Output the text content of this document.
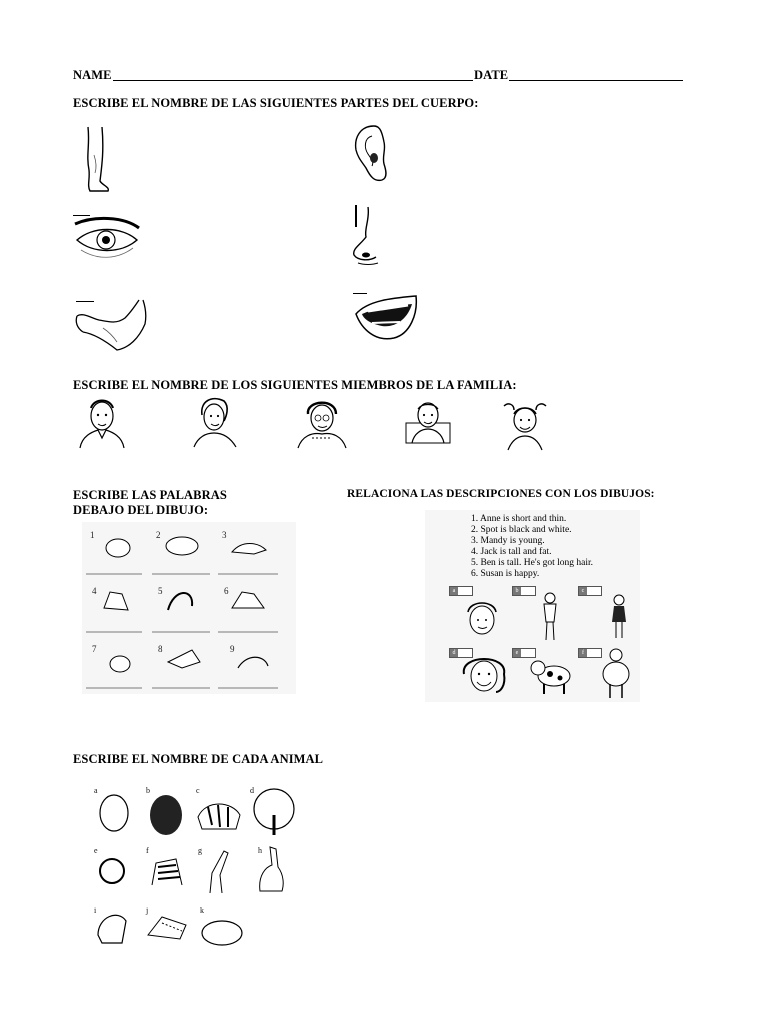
NAME	DATE
ESCRIBE EL NOMBRE DE LAS SIGUIENTES PARTES DEL CUERPO:
ESCRIBE EL NOMBRE DE LOS SIGUIENTES MIEMBROS DE LA FAMILIA:
ESCRIBE LAS PALABRAS
DEBAJO DEL DIBUJO:
1	2	3
4	5	6
7	8	9
RELACIONA LAS DESCRIPCIONES CON LOS DIBUJOS:
1. Anne is short and thin.
2. Spot is black and white.
3. Mandy is young.
4. Jack is tall and fat.
5. Ben is tall. He's got long hair.
6. Susan is happy.
a	b	c
d	e	f
ESCRIBE EL NOMBRE DE CADA ANIMAL
a	b	c	d
e	f	g	h
i	j	k
